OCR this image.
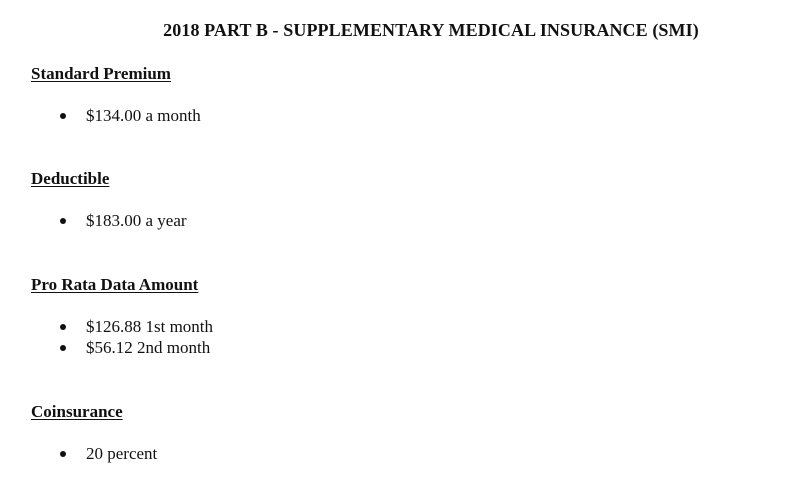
2018 PART B - SUPPLEMENTARY MEDICAL INSURANCE (SMI)
Standard Premium
$134.00 a month
Deductible
$183.00 a year
Pro Rata Data Amount
$126.88 1st month
$56.12 2nd month
Coinsurance
20 percent
